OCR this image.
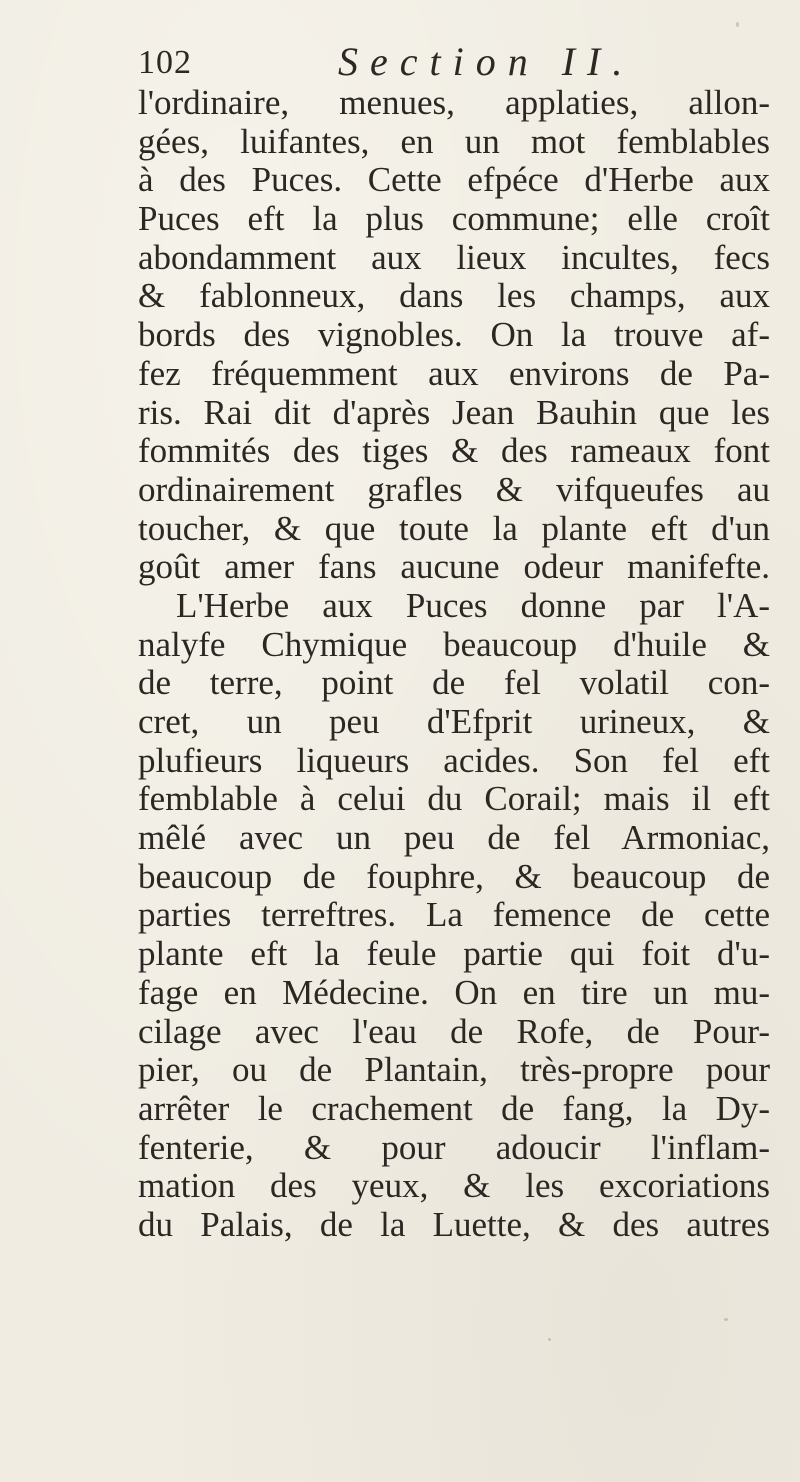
102	Section II.
l'ordinaire, menues, applaties, allon-
gées, luifantes, en un mot femblables
à des Puces. Cette efpéce d'Herbe aux
Puces eft la plus commune; elle croît
abondamment aux lieux incultes, fecs
& fablonneux, dans les champs, aux
bords des vignobles. On la trouve af-
fez fréquemment aux environs de Pa-
ris. Rai dit d'après Jean Bauhin que les
fommités des tiges & des rameaux font
ordinairement grafles & vifqueufes au
toucher, & que toute la plante eft d'un
goût amer fans aucune odeur manifefte.
L'Herbe aux Puces donne par l'A-
nalyfe Chymique beaucoup d'huile &
de terre, point de fel volatil con-
cret, un peu d'Efprit urineux, &
plufieurs liqueurs acides. Son fel eft
femblable à celui du Corail; mais il eft
mêlé avec un peu de fel Armoniac,
beaucoup de fouphre, & beaucoup de
parties terreftres. La femence de cette
plante eft la feule partie qui foit d'u-
fage en Médecine. On en tire un mu-
cilage avec l'eau de Rofe, de Pour-
pier, ou de Plantain, très-propre pour
arrêter le crachement de fang, la Dy-
fenterie, & pour adoucir l'inflam-
mation des yeux, & les excoriations
du Palais, de la Luette, & des autres
